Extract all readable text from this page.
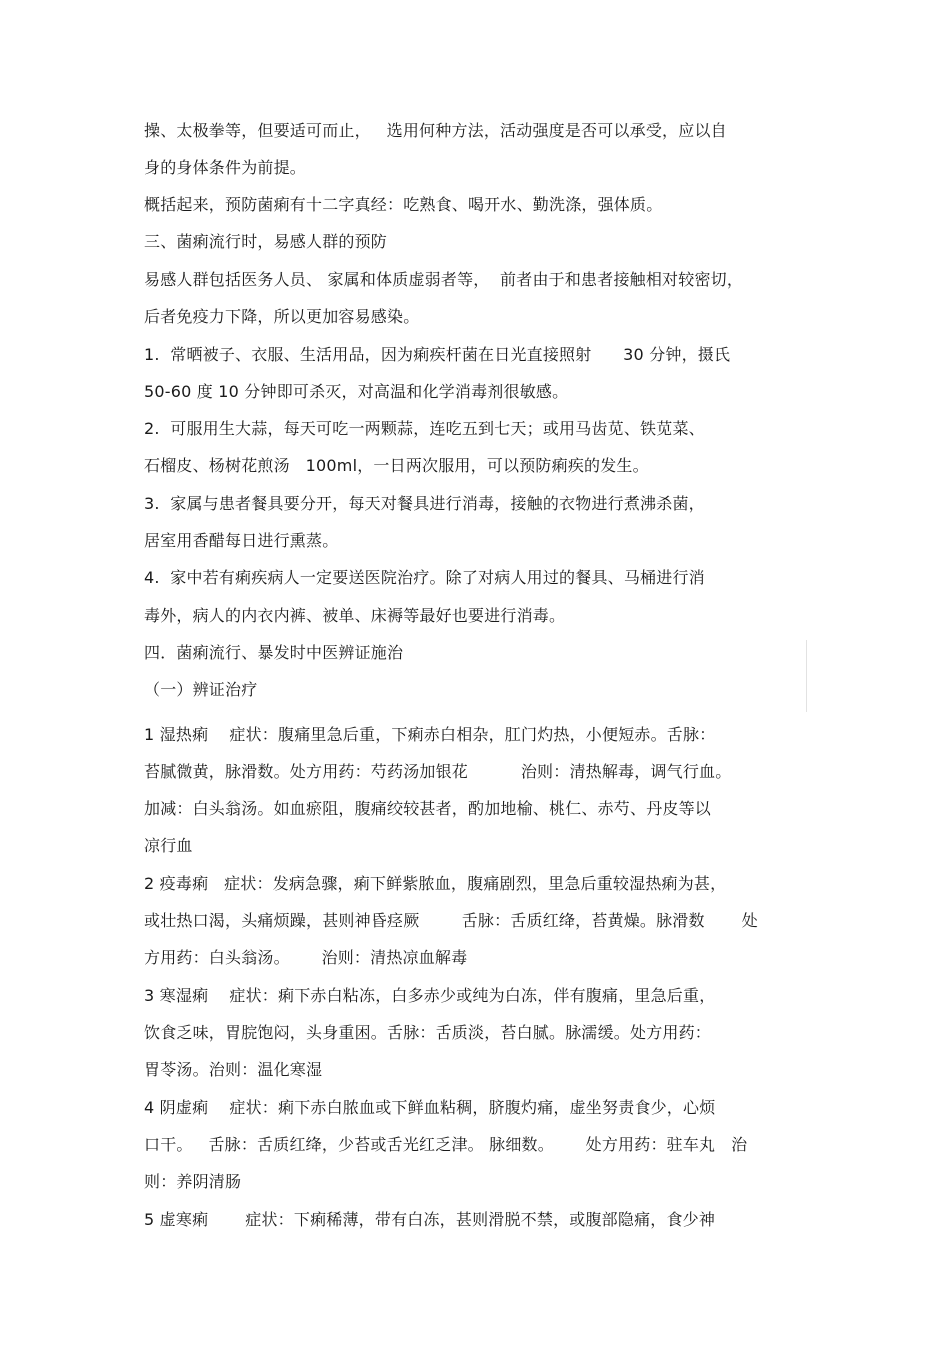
操、太极拳等，但要适可而止，   选用何种方法，活动强度是否可以承受，应以自
身的身体条件为前提。
概括起来，预防菌痢有十二字真经：吃熟食、喝开水、勤洗涤，强体质。
三、菌痢流行时，易感人群的预防
易感人群包括医务人员、 家属和体质虚弱者等，  前者由于和患者接触相对较密切，
后者免疫力下降，所以更加容易感染。
1.  常晒被子、衣服、生活用品，因为痢疾杆菌在日光直接照射      30 分钟，摄氏
50-60 度 10 分钟即可杀灭，对高温和化学消毒剂很敏感。
2.  可服用生大蒜，每天可吃一两颗蒜，连吃五到七天；或用马齿苋、铁苋菜、
石榴皮、杨树花煎汤   100ml，一日两次服用，可以预防痢疾的发生。
3.  家属与患者餐具要分开，每天对餐具进行消毒，接触的衣物进行煮沸杀菌，
居室用香醋每日进行熏蒸。
4.  家中若有痢疾病人一定要送医院治疗。除了对病人用过的餐具、马桶进行消
毒外，病人的内衣内裤、被单、床褥等最好也要进行消毒。
四．菌痢流行、暴发时中医辨证施治
（一）辨证治疗
1 湿热痢    症状：腹痛里急后重，下痢赤白相杂，肛门灼热，小便短赤。舌脉：
苔腻微黄，脉滑数。处方用药：芍药汤加银花          治则：清热解毒，调气行血。
加减：白头翁汤。如血瘀阻，腹痛绞较甚者，酌加地榆、桃仁、赤芍、丹皮等以
凉行血
2 疫毒痢   症状：发病急骤，痢下鲜紫脓血，腹痛剧烈，里急后重较湿热痢为甚，
或壮热口渴，头痛烦躁，甚则神昏痉厥        舌脉：舌质红绛，苔黄燥。脉滑数       处
方用药：白头翁汤。      治则：清热凉血解毒
3 寒湿痢    症状：痢下赤白粘冻，白多赤少或纯为白冻，伴有腹痛，里急后重，
饮食乏味，胃脘饱闷，头身重困。舌脉：舌质淡，苔白腻。脉濡缓。处方用药：
胃苓汤。治则：温化寒湿
4 阴虚痢    症状：痢下赤白脓血或下鲜血粘稠，脐腹灼痛，虚坐努责食少，心烦
口干。   舌脉：舌质红绛，少苔或舌光红乏津。 脉细数。      处方用药：驻车丸   治
则：养阴清肠
5 虚寒痢       症状：下痢稀薄，带有白冻，甚则滑脱不禁，或腹部隐痛，食少神
